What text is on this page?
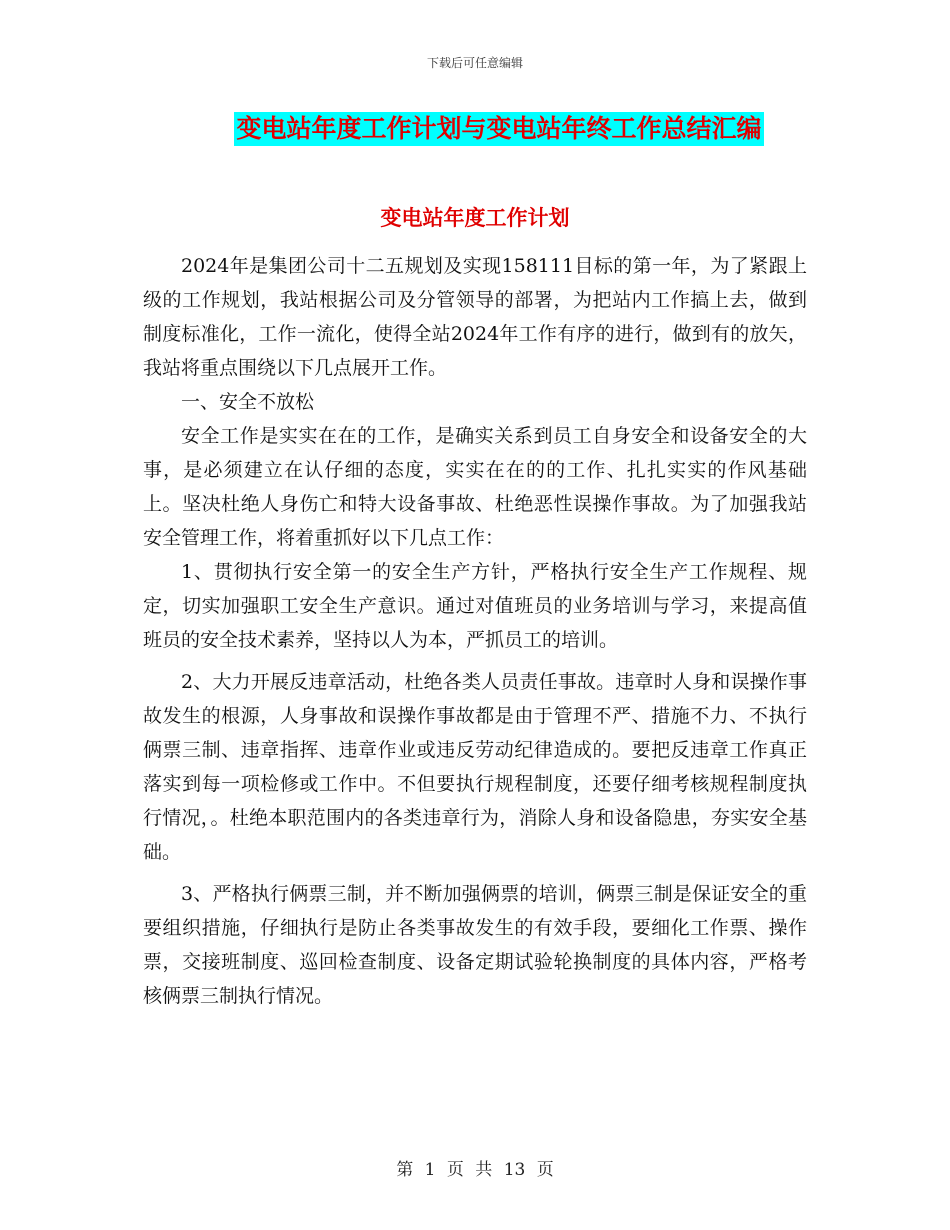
下载后可任意编辑
变电站年度工作计划与变电站年终工作总结汇编
变电站年度工作计划

2024年是集团公司十二五规划及实现158111目标的第一年，为了紧跟上级的工作规划，我站根据公司及分管领导的部署，为把站内工作搞上去，做到制度标准化，工作一流化，使得全站2024年工作有序的进行，做到有的放矢，我站将重点围绕以下几点展开工作。

一、安全不放松

安全工作是实实在在的工作，是确实关系到员工自身安全和设备安全的大事，是必须建立在认仔细的态度，实实在在的的工作、扎扎实实的作风基础上。坚决杜绝人身伤亡和特大设备事故、杜绝恶性误操作事故。为了加强我站安全管理工作，将着重抓好以下几点工作：

1、贯彻执行安全第一的安全生产方针，严格执行安全生产工作规程、规定，切实加强职工安全生产意识。通过对值班员的业务培训与学习，来提高值班员的安全技术素养，坚持以人为本，严抓员工的培训。

2、大力开展反违章活动，杜绝各类人员责任事故。违章时人身和误操作事故发生的根源，人身事故和误操作事故都是由于管理不严、措施不力、不执行俩票三制、违章指挥、违章作业或违反劳动纪律造成的。要把反违章工作真正落实到每一项检修或工作中。不但要执行规程制度，还要仔细考核规程制度执行情况，。杜绝本职范围内的各类违章行为，消除人身和设备隐患，夯实安全基础。

3、严格执行俩票三制，并不断加强俩票的培训，俩票三制是保证安全的重要组织措施，仔细执行是防止各类事故发生的有效手段，要细化工作票、操作票，交接班制度、巡回检查制度、设备定期试验轮换制度的具体内容，严格考核俩票三制执行情况。

第 1 页 共 13 页
